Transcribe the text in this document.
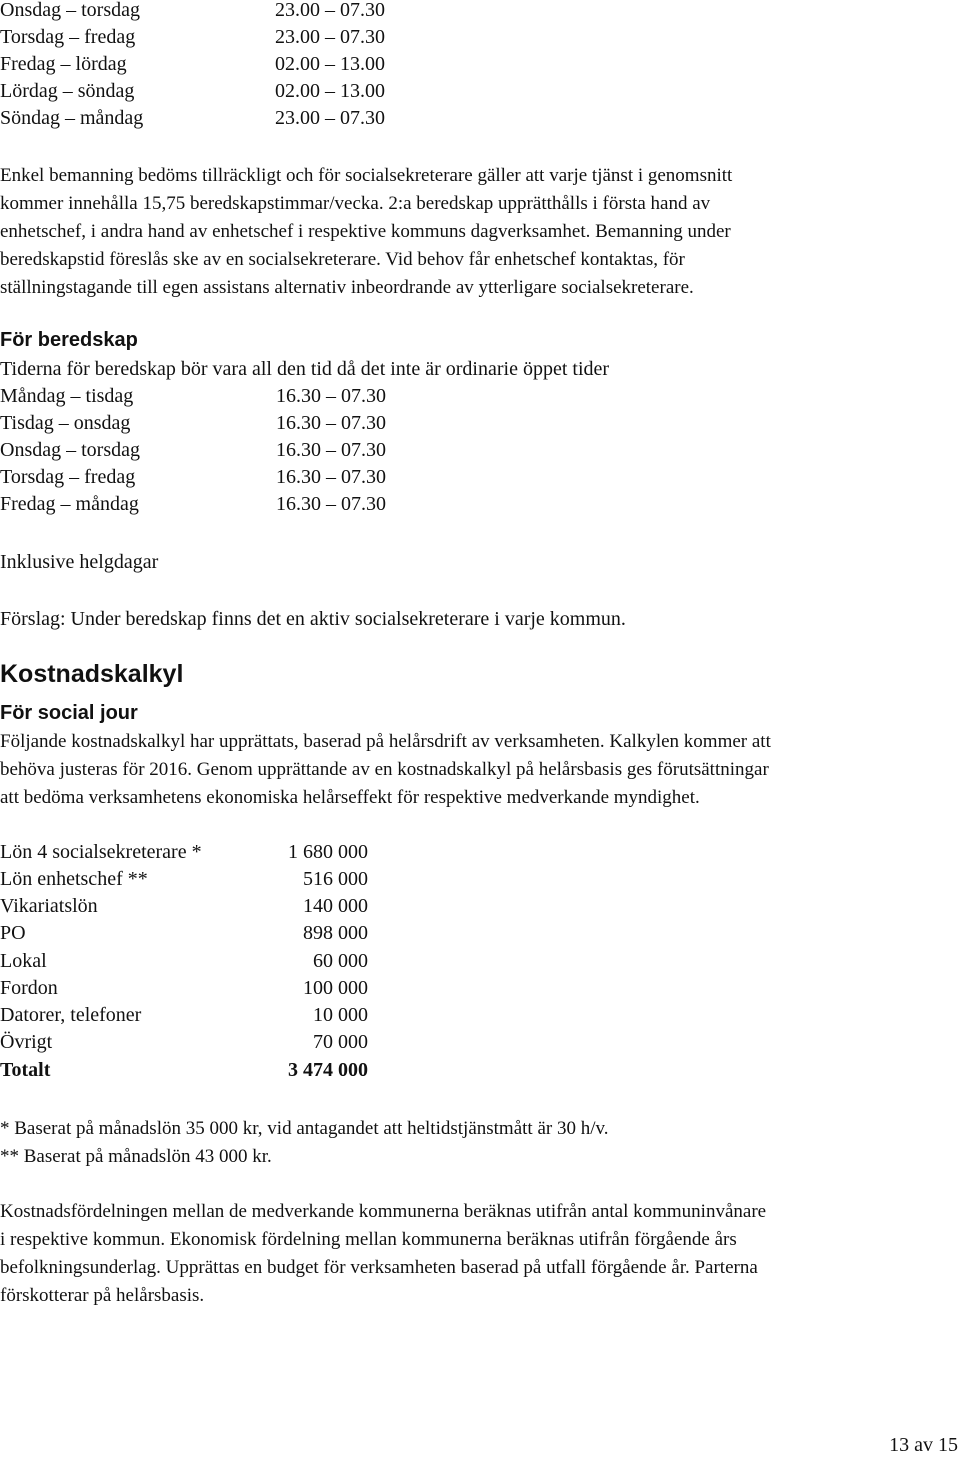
Onsdag – torsdag	23.00 – 07.30
Torsdag – fredag	23.00 – 07.30
Fredag – lördag	02.00 – 13.00
Lördag – söndag	02.00 – 13.00
Söndag – måndag	23.00 – 07.30
Enkel bemanning bedöms tillräckligt och för socialsekreterare gäller att varje tjänst i genomsnitt
kommer innehålla 15,75 beredskapstimmar/vecka. 2:a beredskap upprätthålls i första hand av
enhetschef, i andra hand av enhetschef i respektive kommuns dagverksamhet. Bemanning under
beredskapstid föreslås ske av en socialsekreterare. Vid behov får enhetschef kontaktas, för
ställningstagande till egen assistans alternativ inbeordrande av ytterligare socialsekreterare.
För beredskap
Tiderna för beredskap bör vara all den tid då det inte är ordinarie öppet tider
Måndag – tisdag	16.30 – 07.30
Tisdag – onsdag	16.30 – 07.30
Onsdag – torsdag	16.30 – 07.30
Torsdag – fredag	16.30 – 07.30
Fredag – måndag	16.30 – 07.30
Inklusive helgdagar
Förslag: Under beredskap finns det en aktiv socialsekreterare i varje kommun.
Kostnadskalkyl
För social jour
Följande kostnadskalkyl har upprättats, baserad på helårsdrift av verksamheten. Kalkylen kommer att
behöva justeras för 2016. Genom upprättande av en kostnadskalkyl på helårsbasis ges förutsättningar
att bedöma verksamhetens ekonomiska helårseffekt för respektive medverkande myndighet.
Lön 4 socialsekreterare *	1 680 000
Lön enhetschef **	516 000
Vikariatslön	140 000
PO	898 000
Lokal	60 000
Fordon	100 000
Datorer, telefoner	10 000
Övrigt	70 000
Totalt	3 474 000
* Baserat på månadslön 35 000 kr, vid antagandet att heltidstjänstmått är 30 h/v.
** Baserat på månadslön 43 000 kr.
Kostnadsfördelningen mellan de medverkande kommunerna beräknas utifrån antal kommuninvånare
i respektive kommun. Ekonomisk fördelning mellan kommunerna beräknas utifrån förgående års
befolkningsunderlag. Upprättas en budget för verksamheten baserad på utfall förgående år. Parterna
förskotterar på helårsbasis.
13 av 15
